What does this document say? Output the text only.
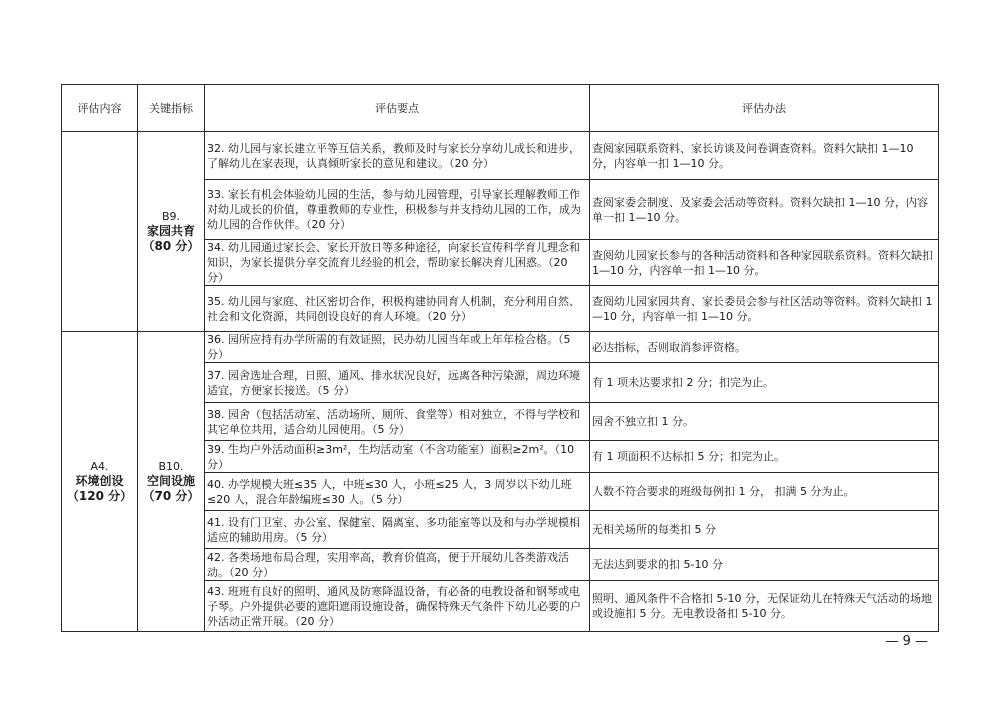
评估内容	关键指标	评估要点	评估办法

	B9.
家园共育
（80 分）	32. 幼儿园与家长建立平等互信关系，教师及时与家长分享幼儿成长和进步，了解幼儿在家表现，认真倾听家长的意见和建议。（20 分）	查阅家园联系资料、家长访谈及问卷调查资料。资料欠缺扣 1—10 分，内容单一扣 1—10 分。
		33. 家长有机会体验幼儿园的生活，参与幼儿园管理，引导家长理解教师工作对幼儿成长的价值，尊重教师的专业性，积极参与并支持幼儿园的工作，成为幼儿园的合作伙伴。（20 分）	查阅家委会制度、及家委会活动等资料。资料欠缺扣 1—10 分，内容单一扣 1—10 分。
		34. 幼儿园通过家长会、家长开放日等多种途径，向家长宣传科学育儿理念和知识，为家长提供分享交流育儿经验的机会，帮助家长解决育儿困惑。（20 分）	查阅幼儿园家长参与的各种活动资料和各种家园联系资料。资料欠缺扣 1—10 分，内容单一扣 1—10 分。
		35. 幼儿园与家庭、社区密切合作，积极构建协同育人机制，充分利用自然、社会和文化资源，共同创设良好的育人环境。（20 分）	查阅幼儿园家园共育、家长委员会参与社区活动等资料。资料欠缺扣 1—10 分，内容单一扣 1—10 分。

A4.
环境创设
（120 分）	B10.
空间设施
（70 分）	36. 园所应持有办学所需的有效证照，民办幼儿园当年或上年年检合格。（5 分）	必达指标，否则取消参评资格。
		37. 园舍选址合理，日照、通风、排水状况良好，远离各种污染源，周边环境适宜，方便家长接送。（5 分）	有 1 项未达要求扣 2 分；扣完为止。
		38. 园舍（包括活动室、活动场所、厕所、食堂等）相对独立，不得与学校和其它单位共用，适合幼儿园使用。（5 分）	园舍不独立扣 1 分。
		39. 生均户外活动面积≥3m²，生均活动室（不含功能室）面积≥2m²。（10 分）	有 1 项面积不达标扣 5 分；扣完为止。
		40. 办学规模大班≤35 人，中班≤30 人，小班≤25 人，3 周岁以下幼儿班≤20 人，混合年龄编班≤30 人。（5 分）	人数不符合要求的班级每例扣 1 分， 扣满 5 分为止。
		41. 设有门卫室、办公室、保健室、隔离室、多功能室等以及和与办学规模相适应的辅助用房。（5 分）	无相关场所的每类扣 5 分
		42. 各类场地布局合理，实用率高，教育价值高，便于开展幼儿各类游戏活动。（20 分）	无法达到要求的扣 5-10 分
		43. 班班有良好的照明、通风及防寒降温设备，有必备的电教设备和钢琴或电子琴。户外提供必要的遮阳遮雨设施设备，确保特殊天气条件下幼儿必要的户外活动正常开展。（20 分）	照明、通风条件不合格扣 5-10 分，无保证幼儿在特殊天气活动的场地或设施扣 5 分。无电教设备扣 5-10 分。
— 9 —
